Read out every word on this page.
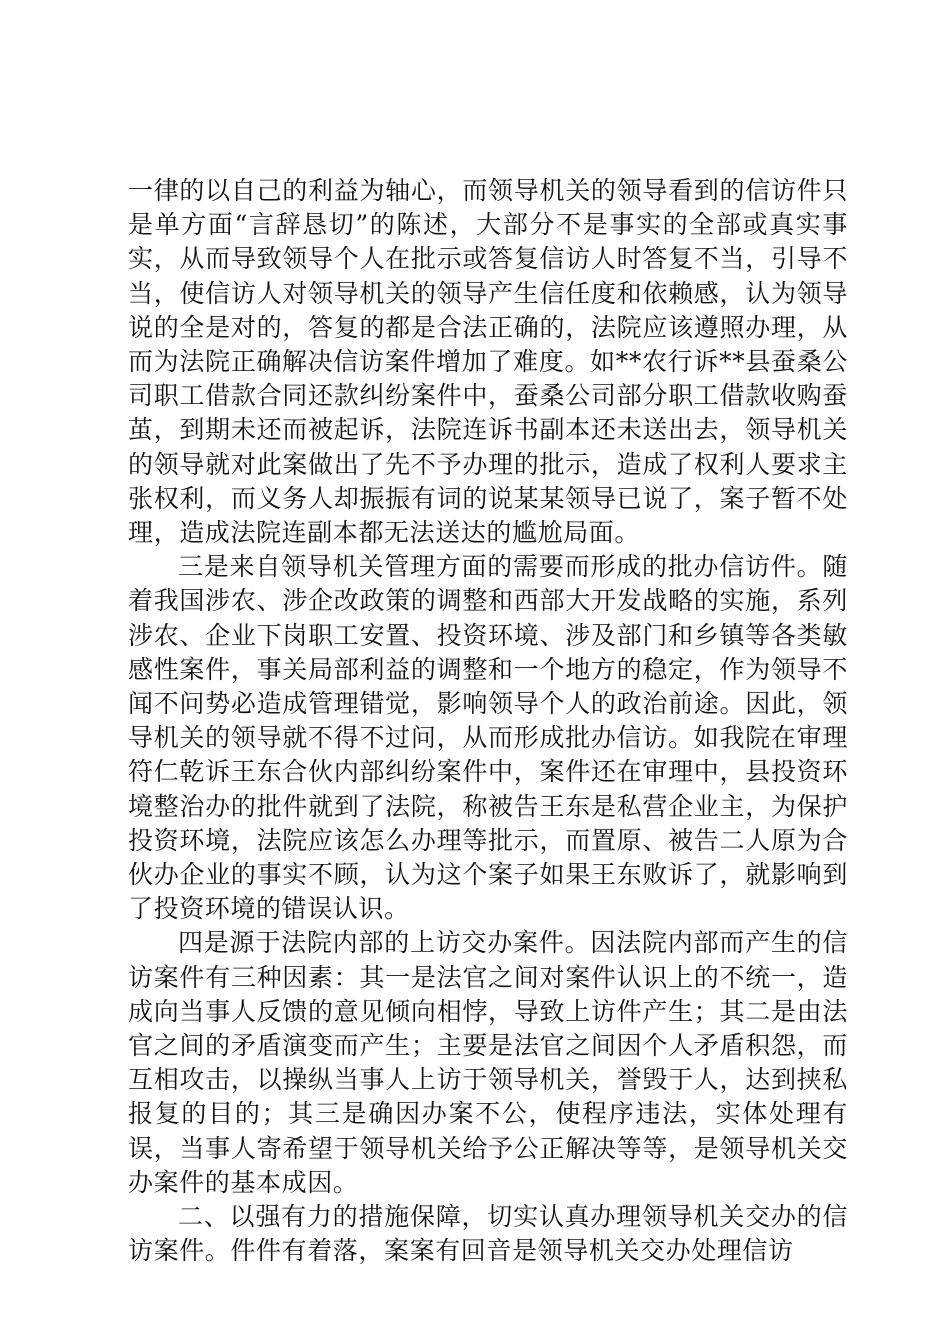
一律的以自己的利益为轴心，而领导机关的领导看到的信访件只是单方面“言辞恳切”的陈述，大部分不是事实的全部或真实事实，从而导致领导个人在批示或答复信访人时答复不当，引导不当，使信访人对领导机关的领导产生信任度和依赖感，认为领导说的全是对的，答复的都是合法正确的，法院应该遵照办理，从而为法院正确解决信访案件增加了难度。如**农行诉**县蚕桑公司职工借款合同还款纠纷案件中，蚕桑公司部分职工借款收购蚕茧，到期未还而被起诉，法院连诉书副本还未送出去，领导机关的领导就对此案做出了先不予办理的批示，造成了权利人要求主张权利，而义务人却振振有词的说某某领导已说了，案子暂不处理，造成法院连副本都无法送达的尴尬局面。

三是来自领导机关管理方面的需要而形成的批办信访件。随着我国涉农、涉企改政策的调整和西部大开发战略的实施，系列涉农、企业下岗职工安置、投资环境、涉及部门和乡镇等各类敏感性案件，事关局部利益的调整和一个地方的稳定，作为领导不闻不问势必造成管理错觉，影响领导个人的政治前途。因此，领导机关的领导就不得不过问，从而形成批办信访。如我院在审理符仁乾诉王东合伙内部纠纷案件中，案件还在审理中，县投资环境整治办的批件就到了法院，称被告王东是私营企业主，为保护投资环境，法院应该怎么办理等批示，而置原、被告二人原为合伙办企业的事实不顾，认为这个案子如果王东败诉了，就影响到了投资环境的错误认识。

四是源于法院内部的上访交办案件。因法院内部而产生的信访案件有三种因素：其一是法官之间对案件认识上的不统一，造成向当事人反馈的意见倾向相悖，导致上访件产生；其二是由法官之间的矛盾演变而产生；主要是法官之间因个人矛盾积怨，而互相攻击，以操纵当事人上访于领导机关，誉毁于人，达到挟私报复的目的；其三是确因办案不公，使程序违法，实体处理有误，当事人寄希望于领导机关给予公正解决等等，是领导机关交办案件的基本成因。

二、以强有力的措施保障，切实认真办理领导机关交办的信访案件。件件有着落，案案有回音是领导机关交办处理信访
